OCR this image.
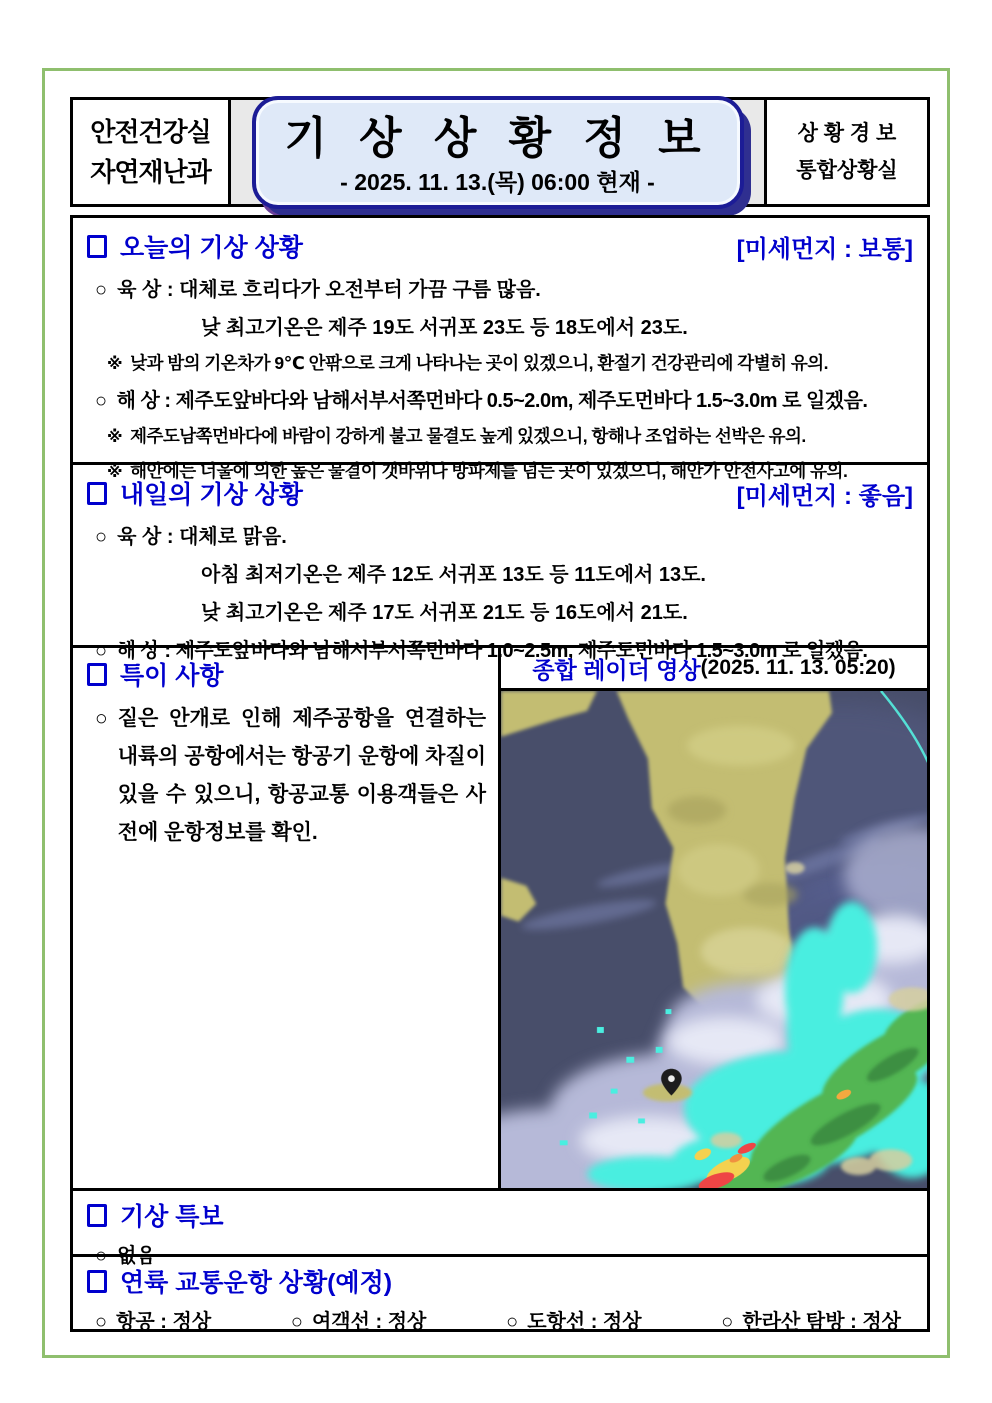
안전건강실
자연재난과
기 상 상 황 정 보
- 2025. 11. 13.(목) 06:00 현재 -
상 황 경 보
통합상황실
오늘의 기상 상황	[미세먼지 : 보통]
○ 육 상 : 대체로 흐리다가 오전부터 가끔 구름 많음.
낮 최고기온은 제주 19도 서귀포 23도 등 18도에서 23도.
※ 낮과 밤의 기온차가 9℃ 안팎으로 크게 나타나는 곳이 있겠으니, 환절기 건강관리에 각별히 유의.
○ 해 상 : 제주도앞바다와 남해서부서쪽먼바다 0.5~2.0m, 제주도먼바다 1.5~3.0m 로 일겠음.
※ 제주도남쪽먼바다에 바람이 강하게 불고 물결도 높게 있겠으니, 항해나 조업하는 선박은 유의.
※ 해안에는 너울에 의한 높은 물결이 갯바위나 방파제를 넘는 곳이 있겠으니, 해안가 안전사고에 유의.
내일의 기상 상황	[미세먼지 : 좋음]
○ 육 상 : 대체로 맑음.
아침 최저기온은 제주 12도 서귀포 13도 등 11도에서 13도.
낮 최고기온은 제주 17도 서귀포 21도 등 16도에서 21도.
○ 해 상 : 제주도앞바다와 남해서부서쪽먼바다 1.0~2.5m, 제주도먼바다 1.5~3.0m 로 일겠음.
특이 사항
○ 짙은 안개로 인해 제주공항을 연결하는 내륙의 공항에서는 항공기 운항에 차질이 있을 수 있으니, 항공교통 이용객들은 사전에 운항정보를 확인.
종합 레이더 영상 (2025. 11. 13. 05:20)
기상 특보
○ 없음
연륙 교통운항 상황(예정)
○ 항공 : 정상	○ 여객선 : 정상	○ 도항선 : 정상	○ 한라산 탐방 : 정상
